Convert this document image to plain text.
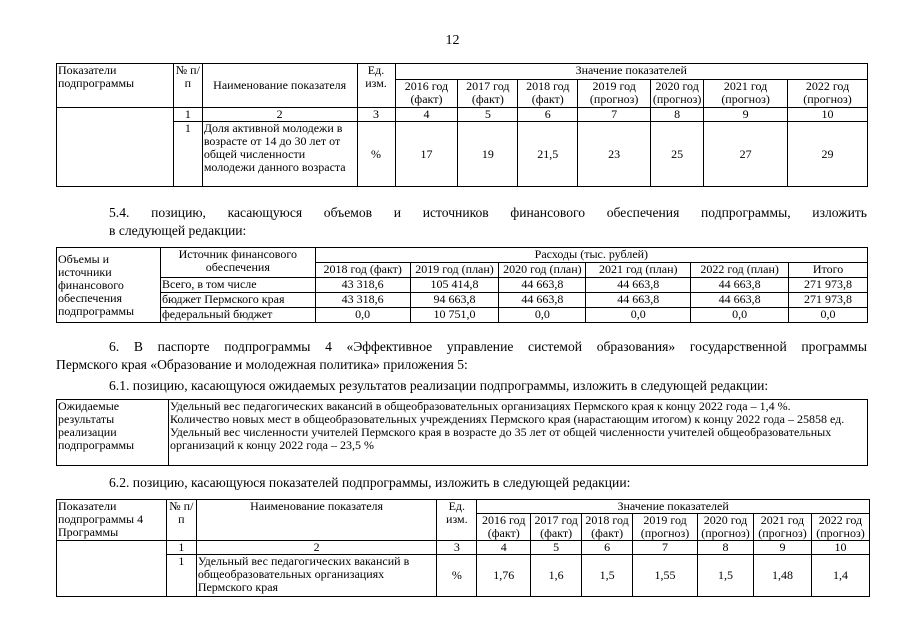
12
Показатели подпрограммы	№ п/п	Наименование показателя	Ед. изм.	Значение показателей						
				2016 год (факт)	2017 год (факт)	2018 год (факт)	2019 год (прогноз)	2020 год (прогноз)	2021 год (прогноз)	2022 год (прогноз)
	1	2	3	4	5	6	7	8	9	10
	1	Доля активной молодежи в возрасте от 14 до 30 лет от общей численности молодежи данного возраста	%	17	19	21,5	23	25	27	29

5.4. позицию, касающуюся объемов и источников финансового обеспечения подпрограммы, изложить

в следующей редакции:

Объемы и источники финансового обеспечения подпрограммы	Источник финансового обеспечения	Расходы (тыс. рублей)					
		2018 год (факт)	2019 год (план)	2020 год (план)	2021 год (план)	2022 год (план)	Итого
	Всего, в том числе	43 318,6	105 414,8	44 663,8	44 663,8	44 663,8	271 973,8
	бюджет Пермского края	43 318,6	94 663,8	44 663,8	44 663,8	44 663,8	271 973,8
	федеральный бюджет	0,0	10 751,0	0,0	0,0	0,0	0,0

6. В паспорте подпрограммы 4 «Эффективное управление системой образования» государственной программы

Пермского края «Образование и молодежная политика» приложения 5:

6.1. позицию, касающуюся ожидаемых результатов реализации подпрограммы, изложить в следующей редакции:

Ожидаемые результаты реализации подпрограммы	
Удельный вес педагогических вакансий в общеобразовательных организациях Пермского края к концу 2022 года – 1,4 %.
Количество новых мест в общеобразовательных учреждениях Пермского края (нарастающим итогом) к концу 2022 года – 25858 ед.
Удельный вес численности учителей Пермского края в возрасте до 35 лет от общей численности учителей общеобразовательных организаций к концу 2022 года – 23,5 %

6.2. позицию, касающуюся показателей подпрограммы, изложить в следующей редакции:

Показатели подпрограммы 4 Программы	№ п/п	Наименование показателя	Ед. изм.	Значение показателей						
				2016 год (факт)	2017 год (факт)	2018 год (факт)	2019 год (прогноз)	2020 год (прогноз)	2021 год (прогноз)	2022 год (прогноз)
	1	2	3	4	5	6	7	8	9	10
	1	Удельный вес педагогических вакансий в общеобразовательных организациях Пермского края	%	1,76	1,6	1,5	1,55	1,5	1,48	1,4
